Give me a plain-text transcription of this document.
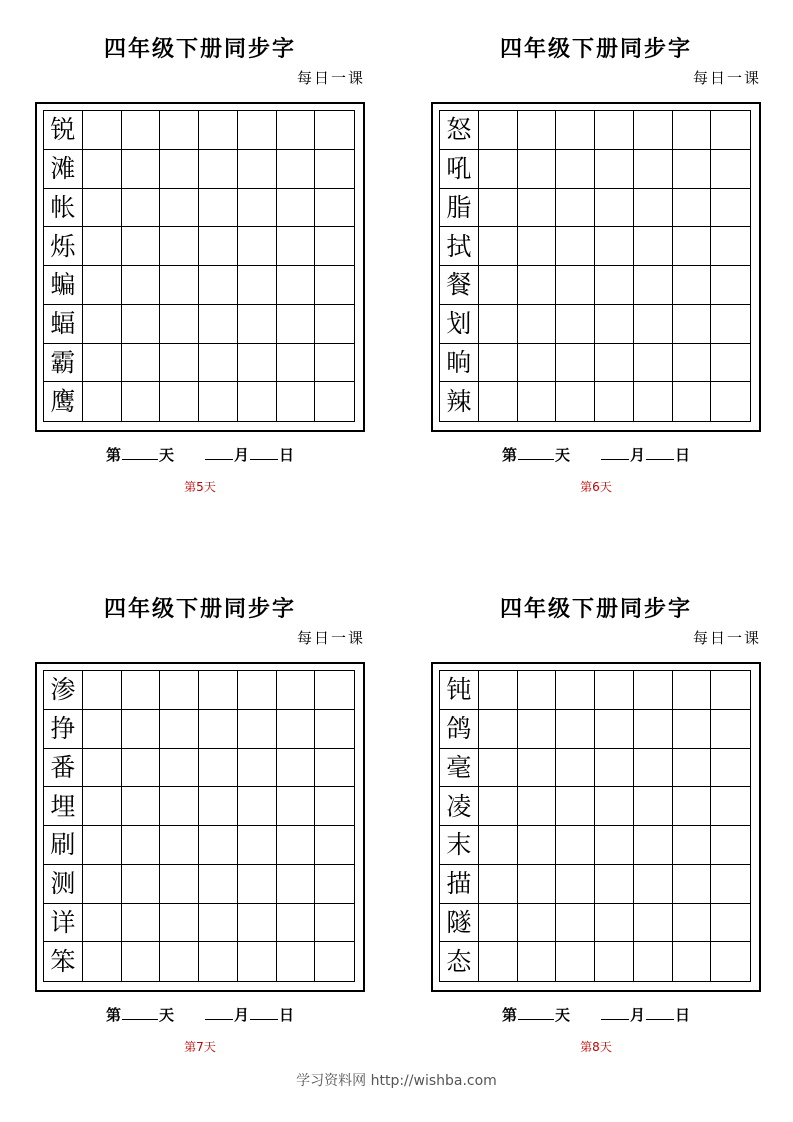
四年级下册同步字
每日一课
锐
滩
帐
烁
蝙
蝠
霸
鹰
第	天	月 日
第5天
四年级下册同步字
每日一课
怒
吼
脂
拭
餐
划
晌
辣
第	天	月 日
第6天
四年级下册同步字
每日一课
渗
挣
番
埋
刷
测
详
笨
第	天	月 日
第7天
四年级下册同步字
每日一课
钝
鸽
毫
凌
末
描
隧
态
第	天	月 日
第8天
学习资料网 http://wishba.com
